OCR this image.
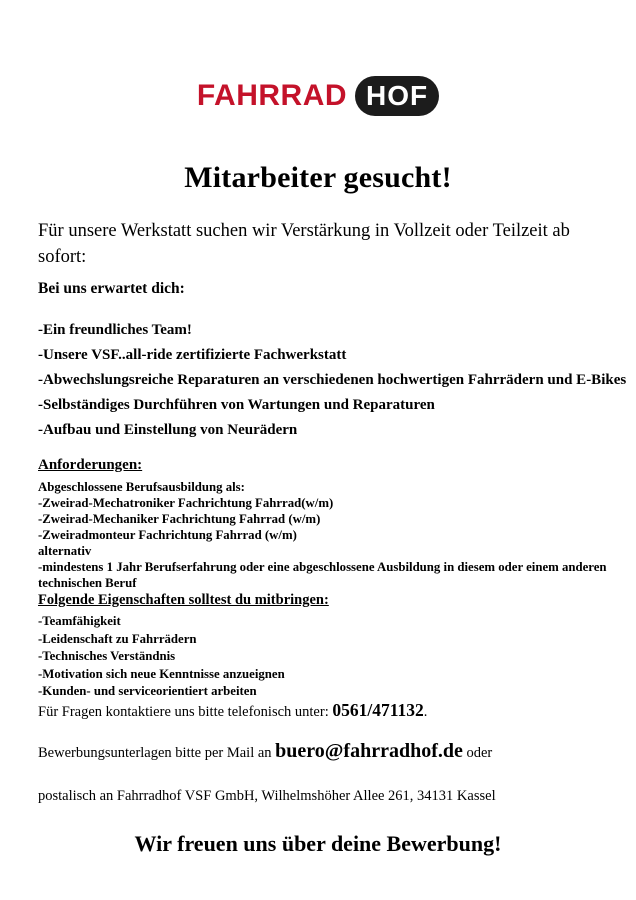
FAHRRAD HOF
Mitarbeiter gesucht!

Für unsere Werkstatt suchen wir Verstärkung in Vollzeit oder Teilzeit ab sofort:

Bei uns erwartet dich:
-Ein freundliches Team!
-Unsere VSF..all-ride zertifizierte Fachwerkstatt
-Abwechslungsreiche Reparaturen an verschiedenen hochwertigen Fahrrädern und E-Bikes
-Selbständiges Durchführen von Wartungen und Reparaturen
-Aufbau und Einstellung von Neurädern
Anforderungen:
Abgeschlossene Berufsausbildung als:
-Zweirad-Mechatroniker Fachrichtung Fahrrad(w/m)
-Zweirad-Mechaniker Fachrichtung Fahrrad (w/m)
-Zweiradmonteur Fachrichtung Fahrrad (w/m)
alternativ
-mindestens 1 Jahr Berufserfahrung oder eine abgeschlossene Ausbildung in diesem oder einem anderen technischen Beruf
Folgende Eigenschaften solltest du mitbringen:
-Teamfähigkeit
-Leidenschaft zu Fahrrädern
-Technisches Verständnis
-Motivation sich neue Kenntnisse anzueignen
-Kunden- und serviceorientiert arbeiten

Für Fragen kontaktiere uns bitte telefonisch unter: 0561/471132.

Bewerbungsunterlagen bitte per Mail an buero@fahrradhof.de oder

postalisch an Fahrradhof VSF GmbH, Wilhelmshöher Allee 261, 34131 Kassel

Wir freuen uns über deine Bewerbung!
